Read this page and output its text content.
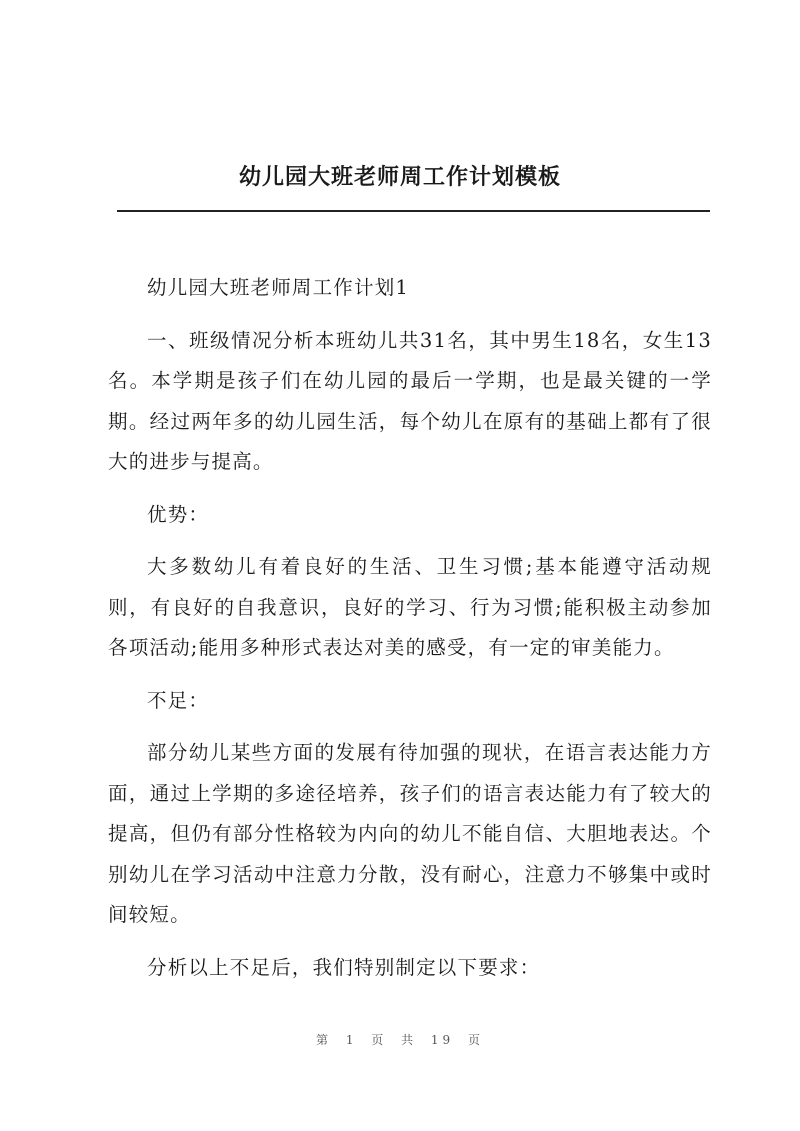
幼儿园大班老师周工作计划模板

幼儿园大班老师周工作计划1

一、班级情况分析本班幼儿共31名，其中男生18名，女生13名。本学期是孩子们在幼儿园的最后一学期，也是最关键的一学期。经过两年多的幼儿园生活，每个幼儿在原有的基础上都有了很大的进步与提高。

优势：

大多数幼儿有着良好的生活、卫生习惯;基本能遵守活动规则，有良好的自我意识，良好的学习、行为习惯;能积极主动参加各项活动;能用多种形式表达对美的感受，有一定的审美能力。

不足：

部分幼儿某些方面的发展有待加强的现状，在语言表达能力方面，通过上学期的多途径培养，孩子们的语言表达能力有了较大的提高，但仍有部分性格较为内向的幼儿不能自信、大胆地表达。个别幼儿在学习活动中注意力分散，没有耐心，注意力不够集中或时间较短。

分析以上不足后，我们特别制定以下要求：

第 1 页 共 19 页
